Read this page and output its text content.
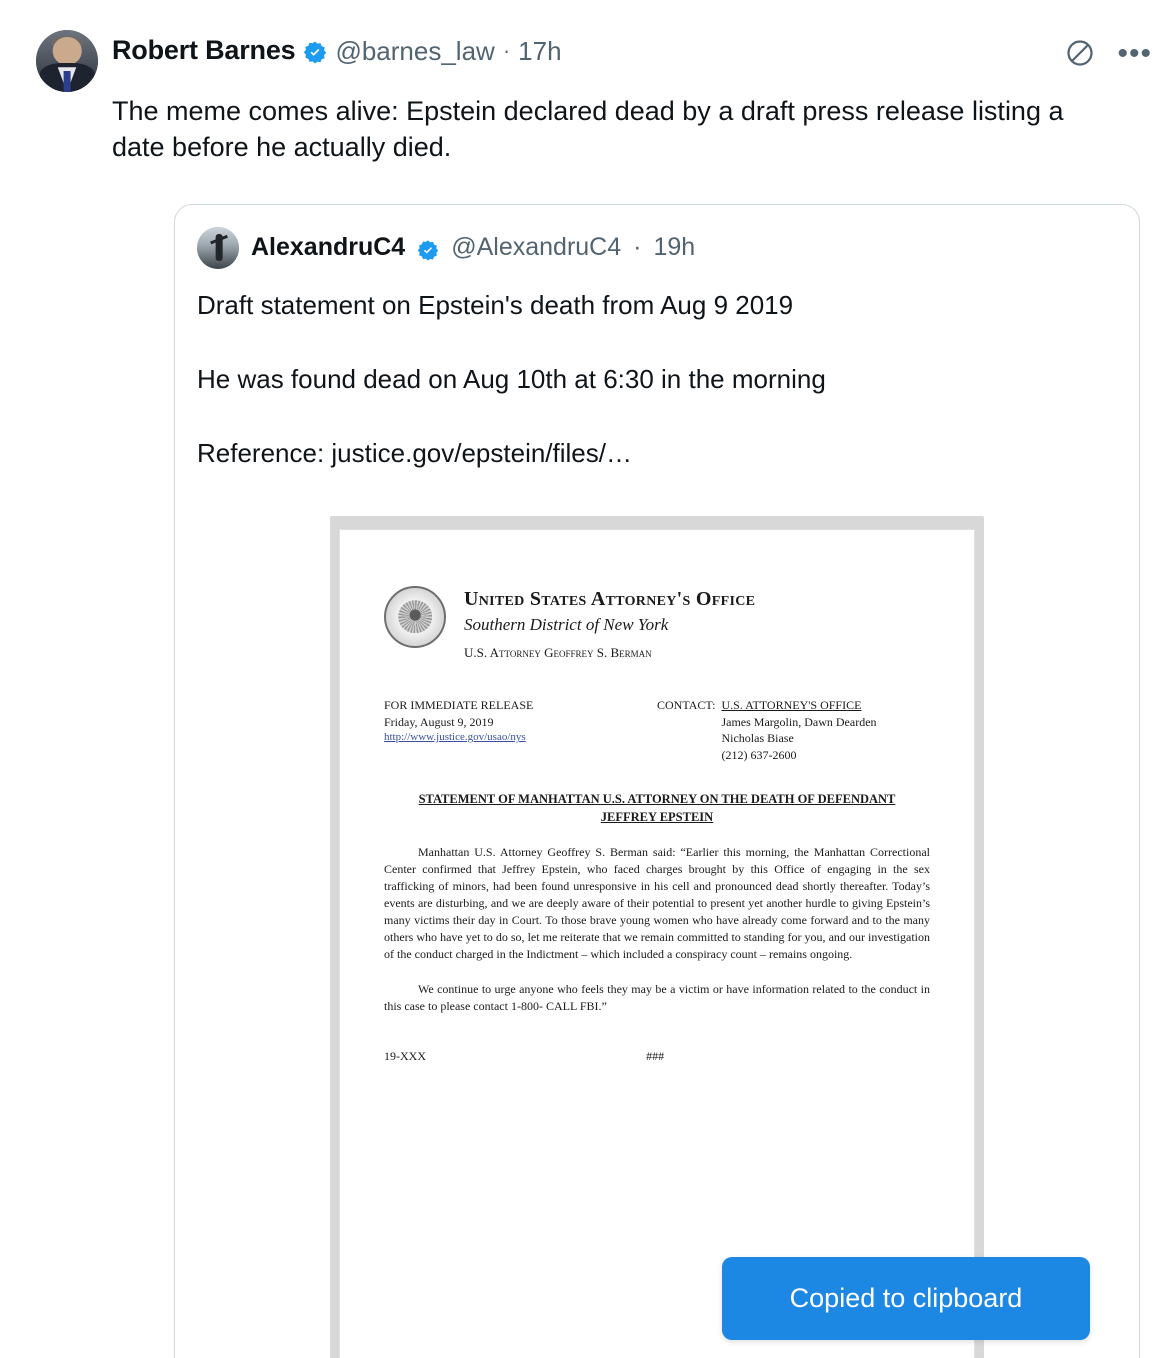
•••
Robert Barnes @barnes_law · 17h
The meme comes alive: Epstein declared dead by a draft press release listing a date before he actually died.
AlexandruC4 @AlexandruC4 · 19h

Draft statement on Epstein's death from Aug 9 2019

He was found dead on Aug 10th at 6:30 in the morning

Reference: justice.gov/epstein/files/…

United States Attorney's Office
Southern District of New York
U.S. Attorney Geoffrey S. Berman
FOR IMMEDIATE RELEASE
Friday, August 9, 2019
http://www.justice.gov/usao/nys
CONTACT: U.S. ATTORNEY'S OFFICE
James Margolin, Dawn Dearden
Nicholas Biase
(212) 637-2600
STATEMENT OF MANHATTAN U.S. ATTORNEY ON THE DEATH OF DEFENDANT
JEFFREY EPSTEIN
Manhattan U.S. Attorney Geoffrey S. Berman said: “Earlier this morning, the Manhattan Correctional Center confirmed that Jeffrey Epstein, who faced charges brought by this Office of engaging in the sex trafficking of minors, had been found unresponsive in his cell and pronounced dead shortly thereafter. Today’s events are disturbing, and we are deeply aware of their potential to present yet another hurdle to giving Epstein’s many victims their day in Court. To those brave young women who have already come forward and to the many others who have yet to do so, let me reiterate that we remain committed to standing for you, and our investigation of the conduct charged in the Indictment – which included a conspiracy count – remains ongoing.
We continue to urge anyone who feels they may be a victim or have information related to the conduct in this case to please contact 1-800- CALL FBI.”
19-XXX	###
Copied to clipboard
